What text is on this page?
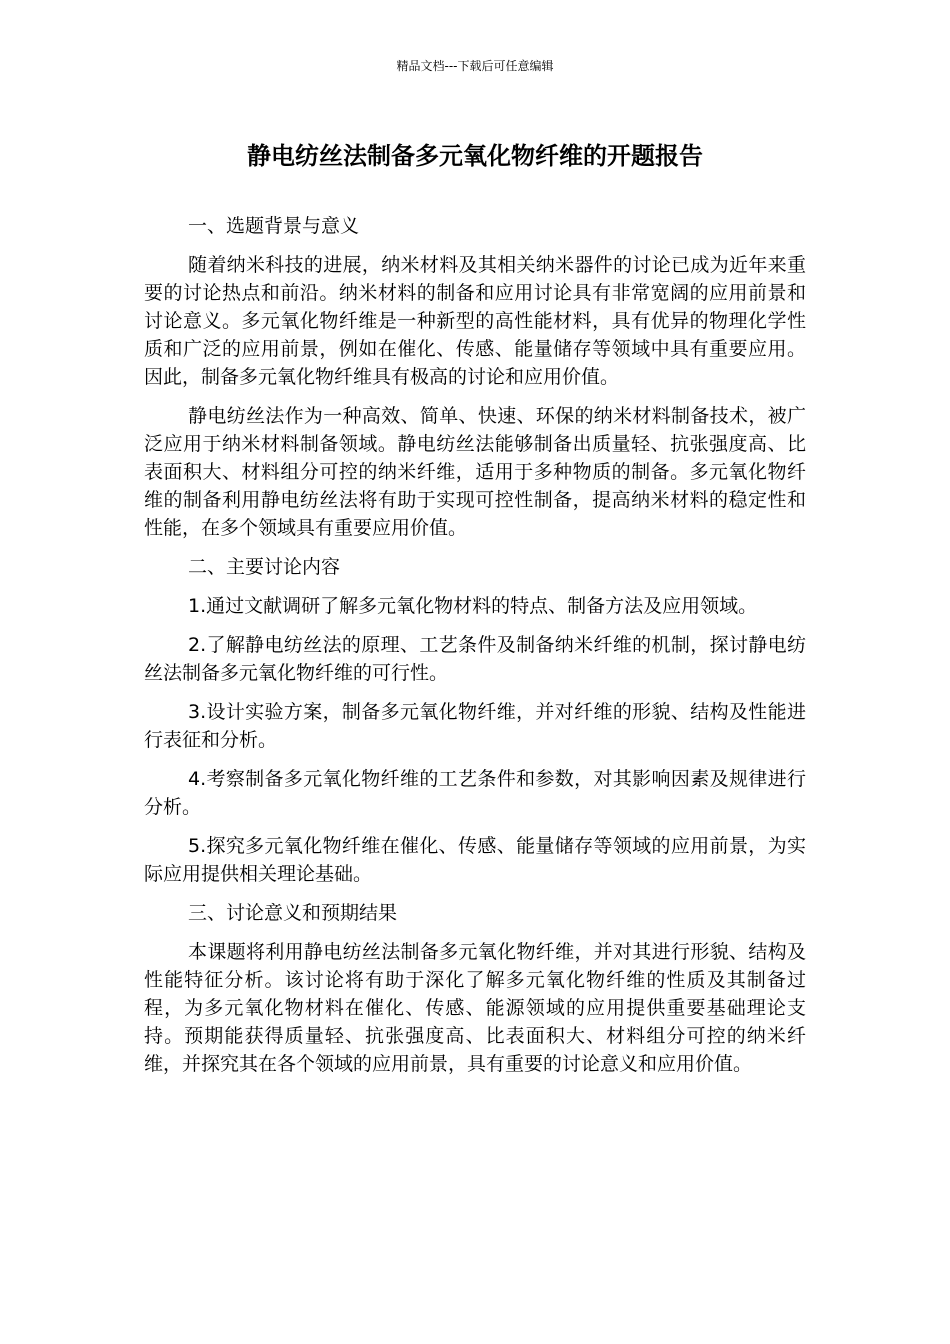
精品文档---下载后可任意编辑
静电纺丝法制备多元氧化物纤维的开题报告

一、选题背景与意义

随着纳米科技的进展，纳米材料及其相关纳米器件的讨论已成为近年来重要的讨论热点和前沿。纳米材料的制备和应用讨论具有非常宽阔的应用前景和讨论意义。多元氧化物纤维是一种新型的高性能材料，具有优异的物理化学性质和广泛的应用前景，例如在催化、传感、能量储存等领域中具有重要应用。因此，制备多元氧化物纤维具有极高的讨论和应用价值。

静电纺丝法作为一种高效、简单、快速、环保的纳米材料制备技术，被广泛应用于纳米材料制备领域。静电纺丝法能够制备出质量轻、抗张强度高、比表面积大、材料组分可控的纳米纤维，适用于多种物质的制备。多元氧化物纤维的制备利用静电纺丝法将有助于实现可控性制备，提高纳米材料的稳定性和性能，在多个领域具有重要应用价值。

二、主要讨论内容

1.通过文献调研了解多元氧化物材料的特点、制备方法及应用领域。

2.了解静电纺丝法的原理、工艺条件及制备纳米纤维的机制，探讨静电纺丝法制备多元氧化物纤维的可行性。

3.设计实验方案，制备多元氧化物纤维，并对纤维的形貌、结构及性能进行表征和分析。

4.考察制备多元氧化物纤维的工艺条件和参数，对其影响因素及规律进行分析。

5.探究多元氧化物纤维在催化、传感、能量储存等领域的应用前景，为实际应用提供相关理论基础。

三、讨论意义和预期结果

本课题将利用静电纺丝法制备多元氧化物纤维，并对其进行形貌、结构及性能特征分析。该讨论将有助于深化了解多元氧化物纤维的性质及其制备过程，为多元氧化物材料在催化、传感、能源领域的应用提供重要基础理论支持。预期能获得质量轻、抗张强度高、比表面积大、材料组分可控的纳米纤维，并探究其在各个领域的应用前景，具有重要的讨论意义和应用价值。
